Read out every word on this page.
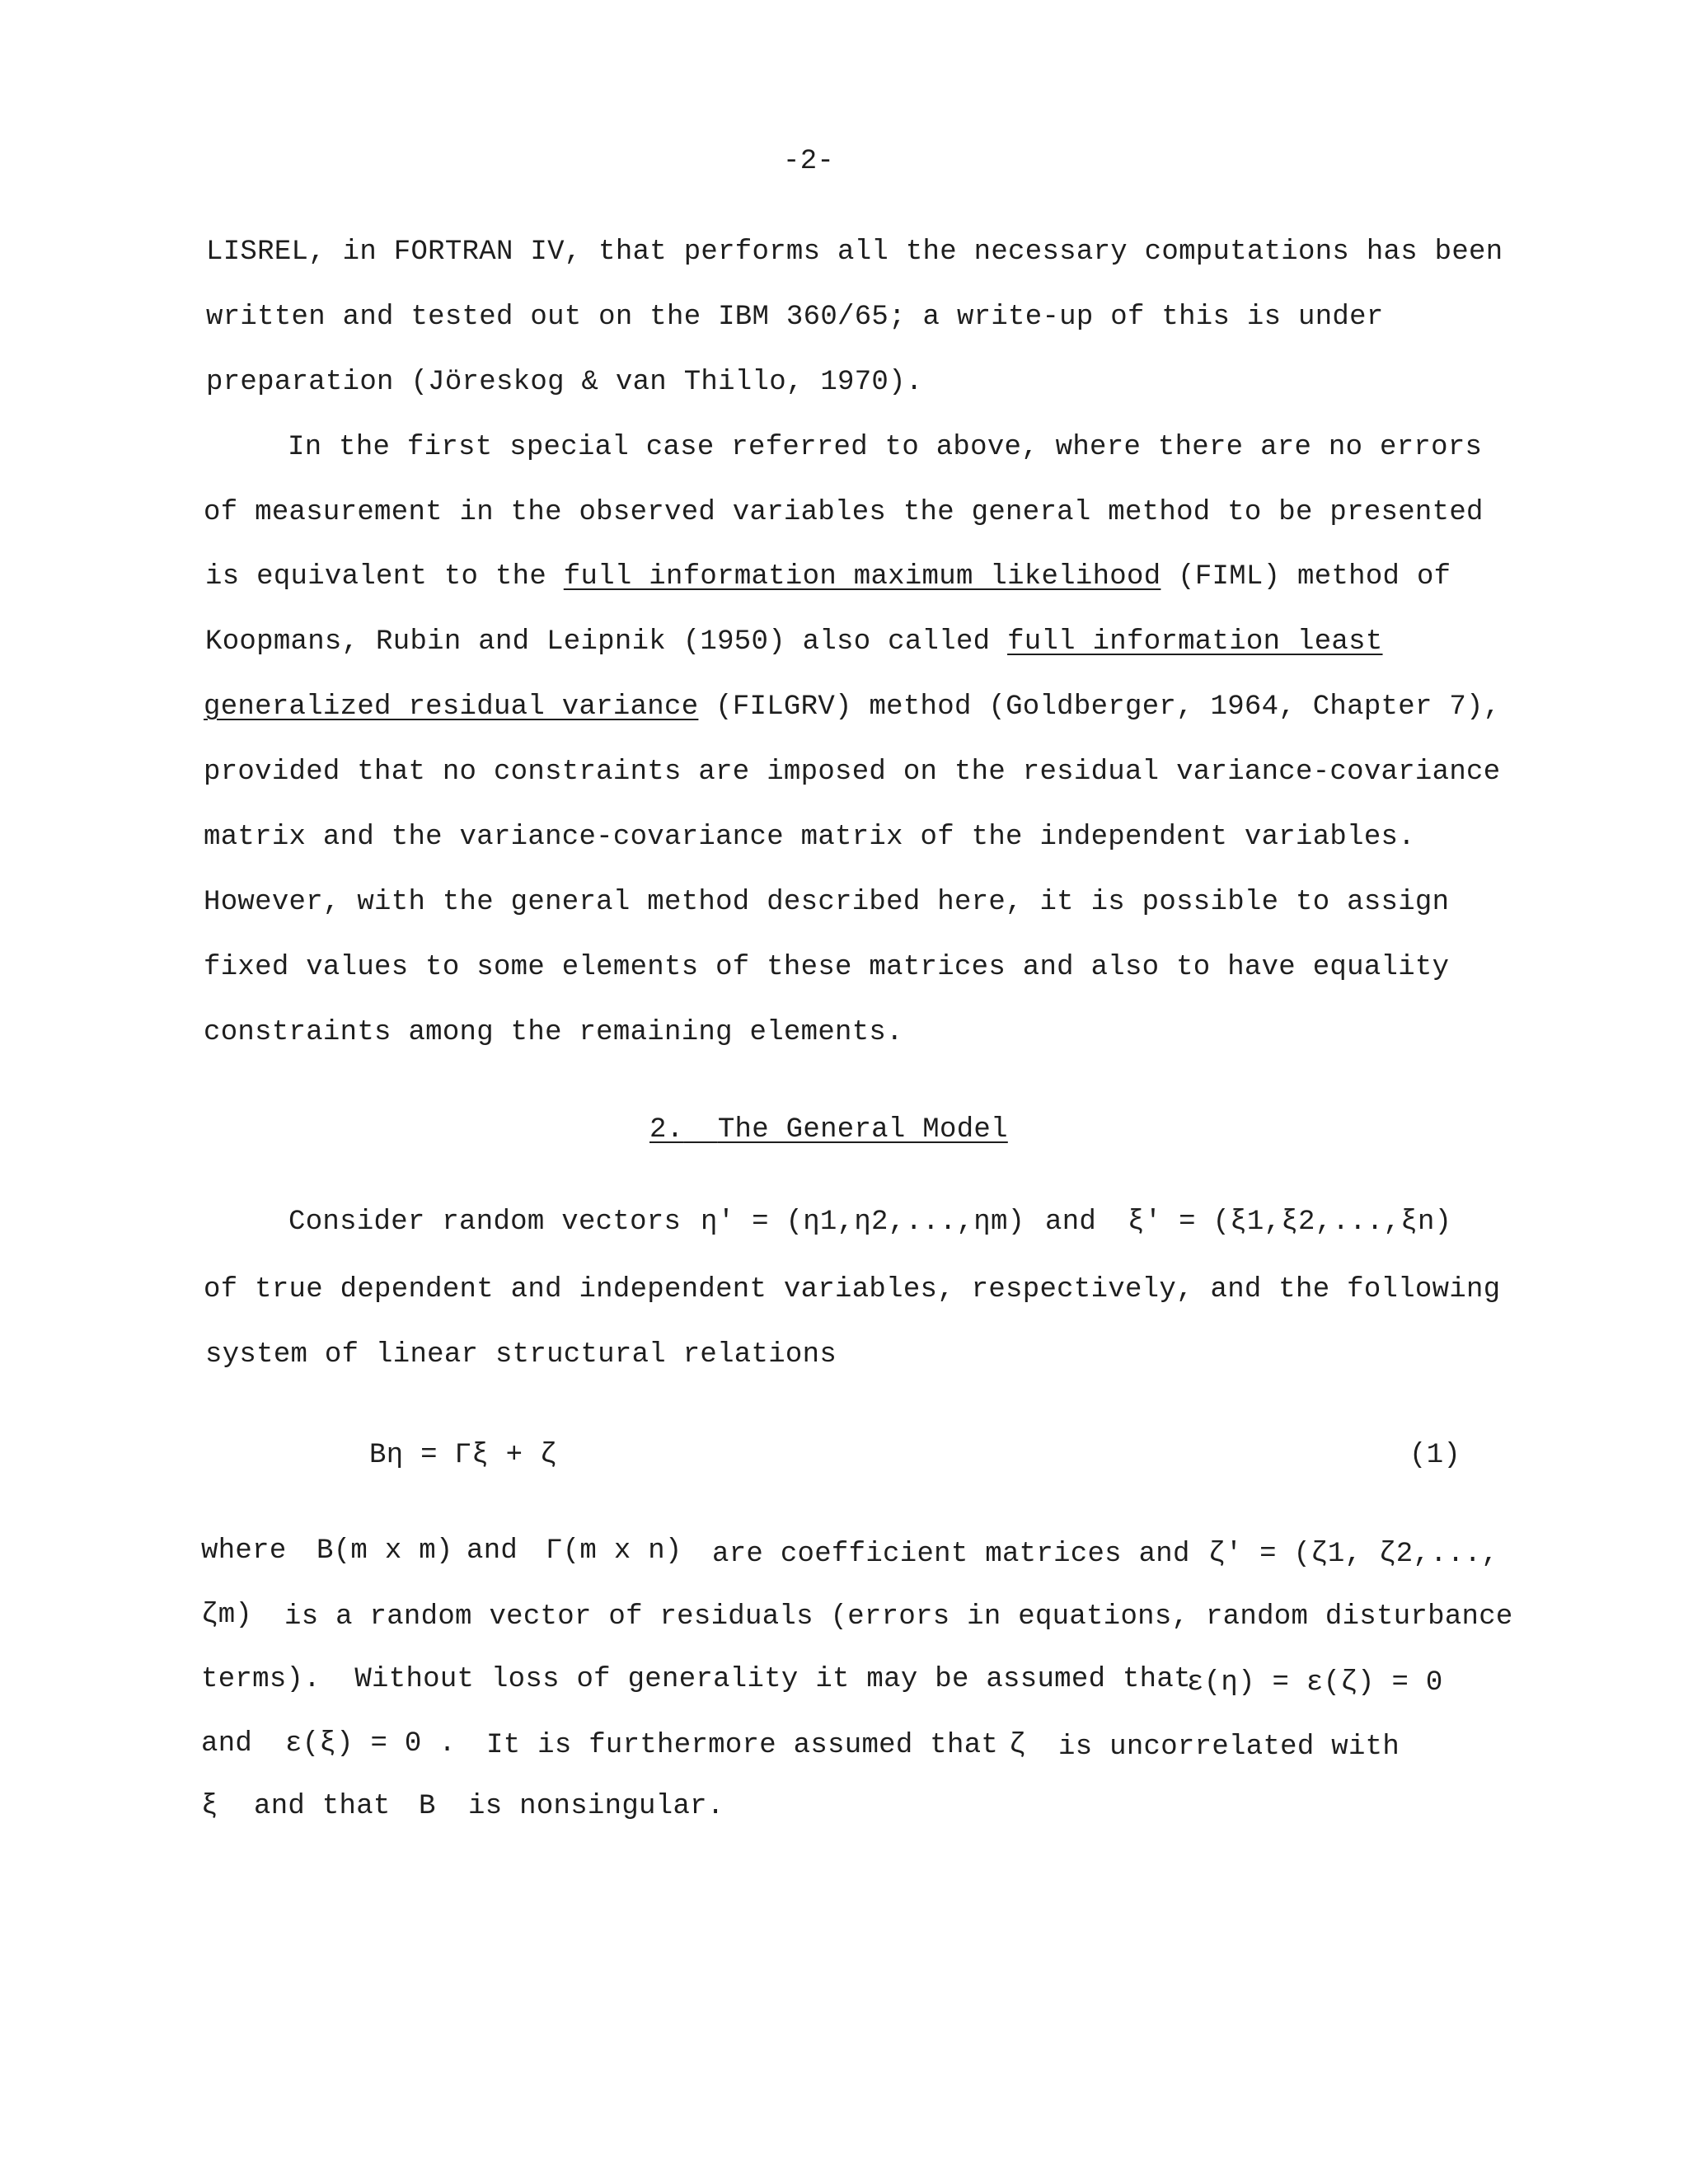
-2-
LISREL, in FORTRAN IV, that performs all the necessary computations has been
written and tested out on the IBM 360/65; a write-up of this is under
preparation (Jöreskog & van Thillo, 1970).
In the first special case referred to above, where there are no errors
of measurement in the observed variables the general method to be presented
is equivalent to the full information maximum likelihood (FIML) method of
Koopmans, Rubin and Leipnik (1950) also called full information least
generalized residual variance (FILGRV) method (Goldberger, 1964, Chapter 7),
provided that no constraints are imposed on the residual variance-covariance
matrix and the variance-covariance matrix of the independent variables.
However, with the general method described here, it is possible to assign
fixed values to some elements of these matrices and also to have equality
constraints among the remaining elements.
2. The General Model
Consider random vectors η' = (η1,η2,...,ηm) and ξ' = (ξ1,ξ2,...,ξn)
of true dependent and independent variables, respectively, and the following
system of linear structural relations
Bη = Γξ + ζ	(1)
where B(m x m) and Γ(m x n) are coefficient matrices and ζ' = (ζ1, ζ2,...,
ζm) is a random vector of residuals (errors in equations, random disturbance
terms).  Without loss of generality it may be assumed that
ε(η) = ε(ζ) = 0
and ε(ξ) = 0 . It is furthermore assumed that ζ is uncorrelated with
ξ and that B is nonsingular.
